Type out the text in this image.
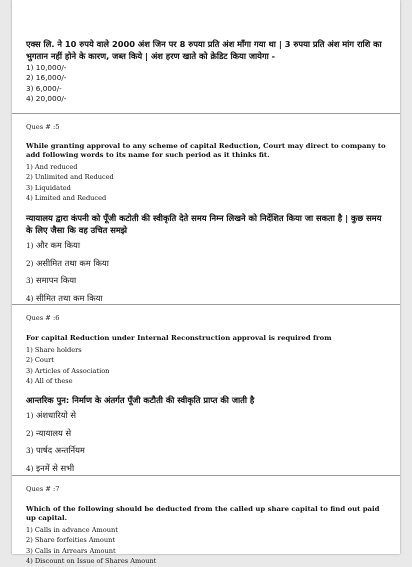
एक्स लि. ने 10 रुपये वाले 2000 अंश जिन पर 8 रुपया प्रति अंश माँगा गया था | 3 रुपया प्रति अंश मांग राशि का भुगतान नहीं होने के कारण, जब्त किये | अंश हरण खाते को क्रेडिट किया जायेगा -
1) 10,000/-
2) 16,000/-
3) 6,000/-
4) 20,000/-
Ques # :5
While granting approval to any scheme of capital Reduction, Court may direct to company to add following words to its name for such period as it thinks fit.
1) And reduced
2) Unlimited and Reduced
3) Liquidated
4) Limited and Reduced
न्यायालय द्वारा कंपनी को पूँजी कटोती की स्वीकृति देते समय निम्न लिखने को निर्देशित किया जा सकता है | कुछ समय के लिए जैसा कि वह उचित समझे
1) और कम किया
2) असीमित तथा कम किया
3) समापन किया
4) सीमित तथा कम किया
Ques # :6
For capital Reduction under Internal Reconstruction approval is required from
1) Share holders
2) Court
3) Articles of Association
4) All of these
आन्तरिक पुन: निर्माण के अंतर्गत पूँजी कटौती की स्वीकृति प्राप्त की जाती है
1) अंशधारियो से
2) न्यायालय से
3) पार्षद अन्तर्नियम
4) इनमें से सभी
Ques # :7
Which of the following should be deducted from the called up share capital to find out paid up capital.
1) Calls in advance Amount
2) Share forfeities Amount
3) Calls in Arrears Amount
4) Discount on Issue of Shares Amount
